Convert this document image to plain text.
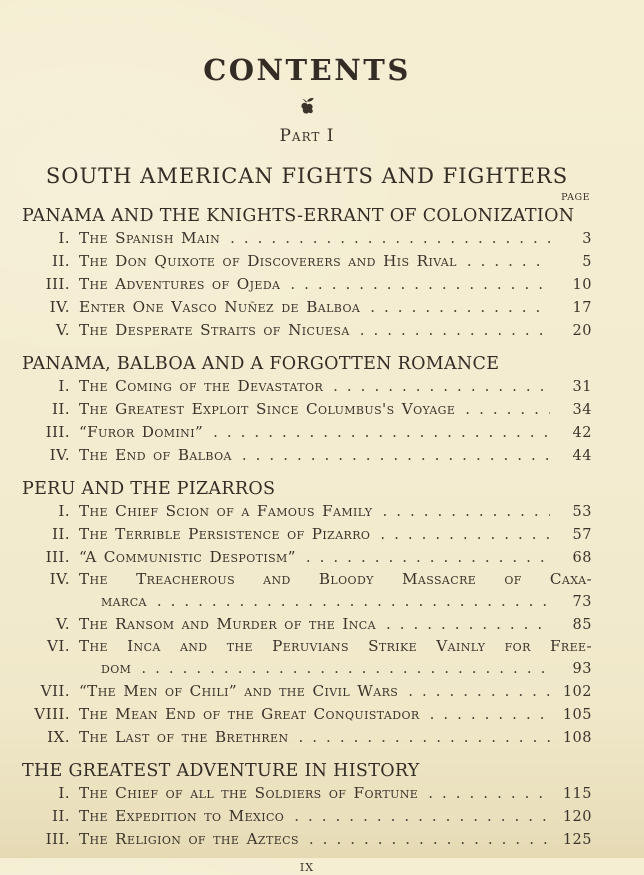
CONTENTS
Part I
SOUTH AMERICAN FIGHTS AND FIGHTERS
PAGE
PANAMA AND THE KNIGHTS-ERRANT OF COLONIZATION
I. The Spanish Main .....	3
II. The Don Quixote of Discoverers and His Rival .....	5
III. The Adventures of Ojeda .....	10
IV. Enter One Vasco Nuñez de Balboa .....	17
V. The Desperate Straits of Nicuesa .....	20
PANAMA, BALBOA AND A FORGOTTEN ROMANCE
I. The Coming of the Devastator .....	31
II. The Greatest Exploit Since Columbus's Voyage .....	34
III. “Furor Domini” .....	42
IV. The End of Balboa .....	44
PERU AND THE PIZARROS
I. The Chief Scion of a Famous Family .....	53
II. The Terrible Persistence of Pizarro .....	57
III. “A Communistic Despotism” .....	68
IV. The Treacherous and Bloody Massacre of Caxa-
marca .....	73
V. The Ransom and Murder of the Inca .....	85
VI. The Inca and the Peruvians Strike Vainly for Free-
dom .....	93
VII. “The Men of Chili” and the Civil Wars .....	102
VIII. The Mean End of the Great Conquistador .....	105
IX. The Last of the Brethren .....	108
THE GREATEST ADVENTURE IN HISTORY
I. The Chief of all the Soldiers of Fortune .....	115
II. The Expedition to Mexico .....	120
III. The Religion of the Aztecs .....	125
ix
